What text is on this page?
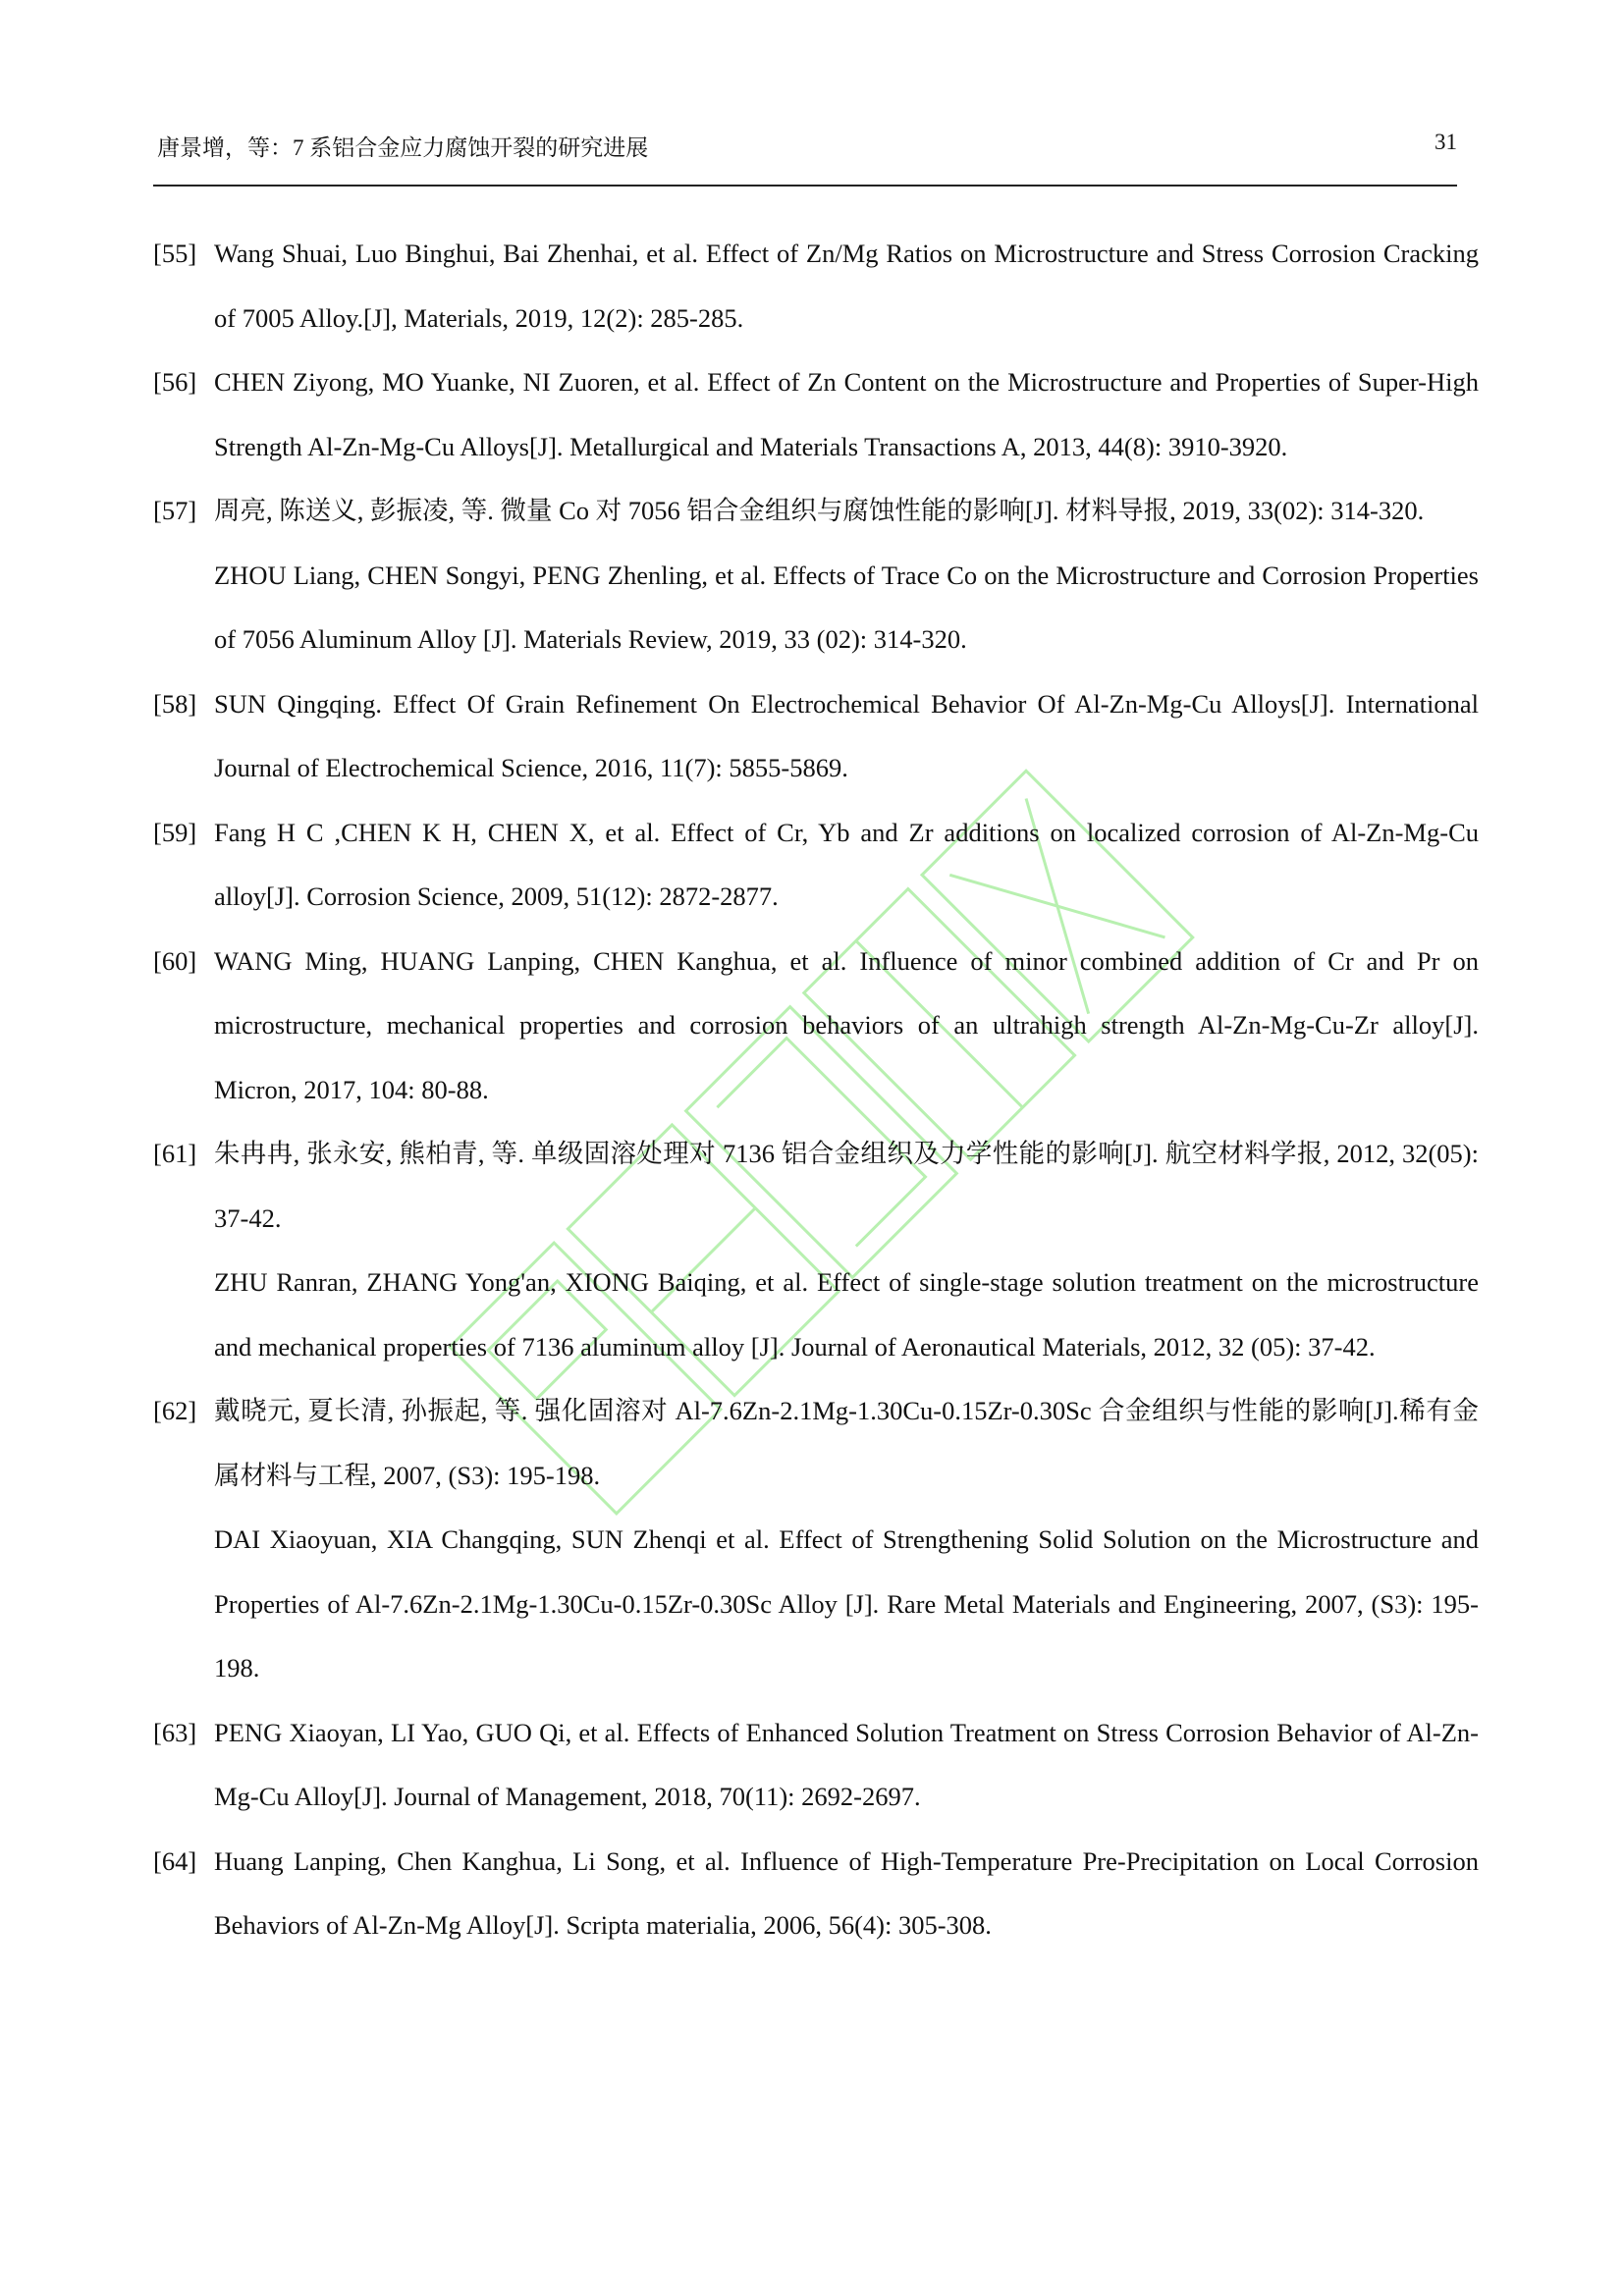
唐景增，等：7 系铝合金应力腐蚀开裂的研究进展	31
[55] Wang Shuai, Luo Binghui, Bai Zhenhai, et al. Effect of Zn/Mg Ratios on Microstructure and Stress Corrosion Cracking of 7005 Alloy.[J], Materials, 2019, 12(2): 285-285.
[56] CHEN Ziyong, MO Yuanke, NI Zuoren, et al. Effect of Zn Content on the Microstructure and Properties of Super-High Strength Al-Zn-Mg-Cu Alloys[J]. Metallurgical and Materials Transactions A, 2013, 44(8): 3910-3920.
[57] 周亮, 陈送义, 彭振凌, 等. 微量 Co 对 7056 铝合金组织与腐蚀性能的影响[J]. 材料导报, 2019, 33(02): 314-320.
ZHOU Liang, CHEN Songyi, PENG Zhenling, et al. Effects of Trace Co on the Microstructure and Corrosion Properties of 7056 Aluminum Alloy [J]. Materials Review, 2019, 33 (02): 314-320.
[58] SUN Qingqing. Effect Of Grain Refinement On Electrochemical Behavior Of Al-Zn-Mg-Cu Alloys[J]. International Journal of Electrochemical Science, 2016, 11(7): 5855-5869.
[59] Fang H C ,CHEN K H, CHEN X, et al. Effect of Cr, Yb and Zr additions on localized corrosion of Al-Zn-Mg-Cu alloy[J]. Corrosion Science, 2009, 51(12): 2872-2877.
[60] WANG Ming, HUANG Lanping, CHEN Kanghua, et al. Influence of minor combined addition of Cr and Pr on microstructure, mechanical properties and corrosion behaviors of an ultrahigh strength Al-Zn-Mg-Cu-Zr alloy[J]. Micron, 2017, 104: 80-88.
[61] 朱冉冉, 张永安, 熊柏青, 等. 单级固溶处理对 7136 铝合金组织及力学性能的影响[J]. 航空材料学报, 2012, 32(05): 37-42.
ZHU Ranran, ZHANG Yong'an, XIONG Baiqing, et al. Effect of single-stage solution treatment on the microstructure and mechanical properties of 7136 aluminum alloy [J]. Journal of Aeronautical Materials, 2012, 32 (05): 37-42.
[62] 戴晓元, 夏长清, 孙振起, 等. 强化固溶对 Al-7.6Zn-2.1Mg-1.30Cu-0.15Zr-0.30Sc 合金组织与性能的影响[J].稀有金属材料与工程, 2007, (S3): 195-198.
DAI Xiaoyuan, XIA Changqing, SUN Zhenqi et al. Effect of Strengthening Solid Solution on the Microstructure and Properties of Al-7.6Zn-2.1Mg-1.30Cu-0.15Zr-0.30Sc Alloy [J]. Rare Metal Materials and Engineering, 2007, (S3): 195-198.
[63] PENG Xiaoyan, LI Yao, GUO Qi, et al. Effects of Enhanced Solution Treatment on Stress Corrosion Behavior of Al-Zn-Mg-Cu Alloy[J]. Journal of Management, 2018, 70(11): 2692-2697.
[64] Huang Lanping, Chen Kanghua, Li Song, et al. Influence of High-Temperature Pre-Precipitation on Local Corrosion Behaviors of Al-Zn-Mg Alloy[J]. Scripta materialia, 2006, 56(4): 305-308.
